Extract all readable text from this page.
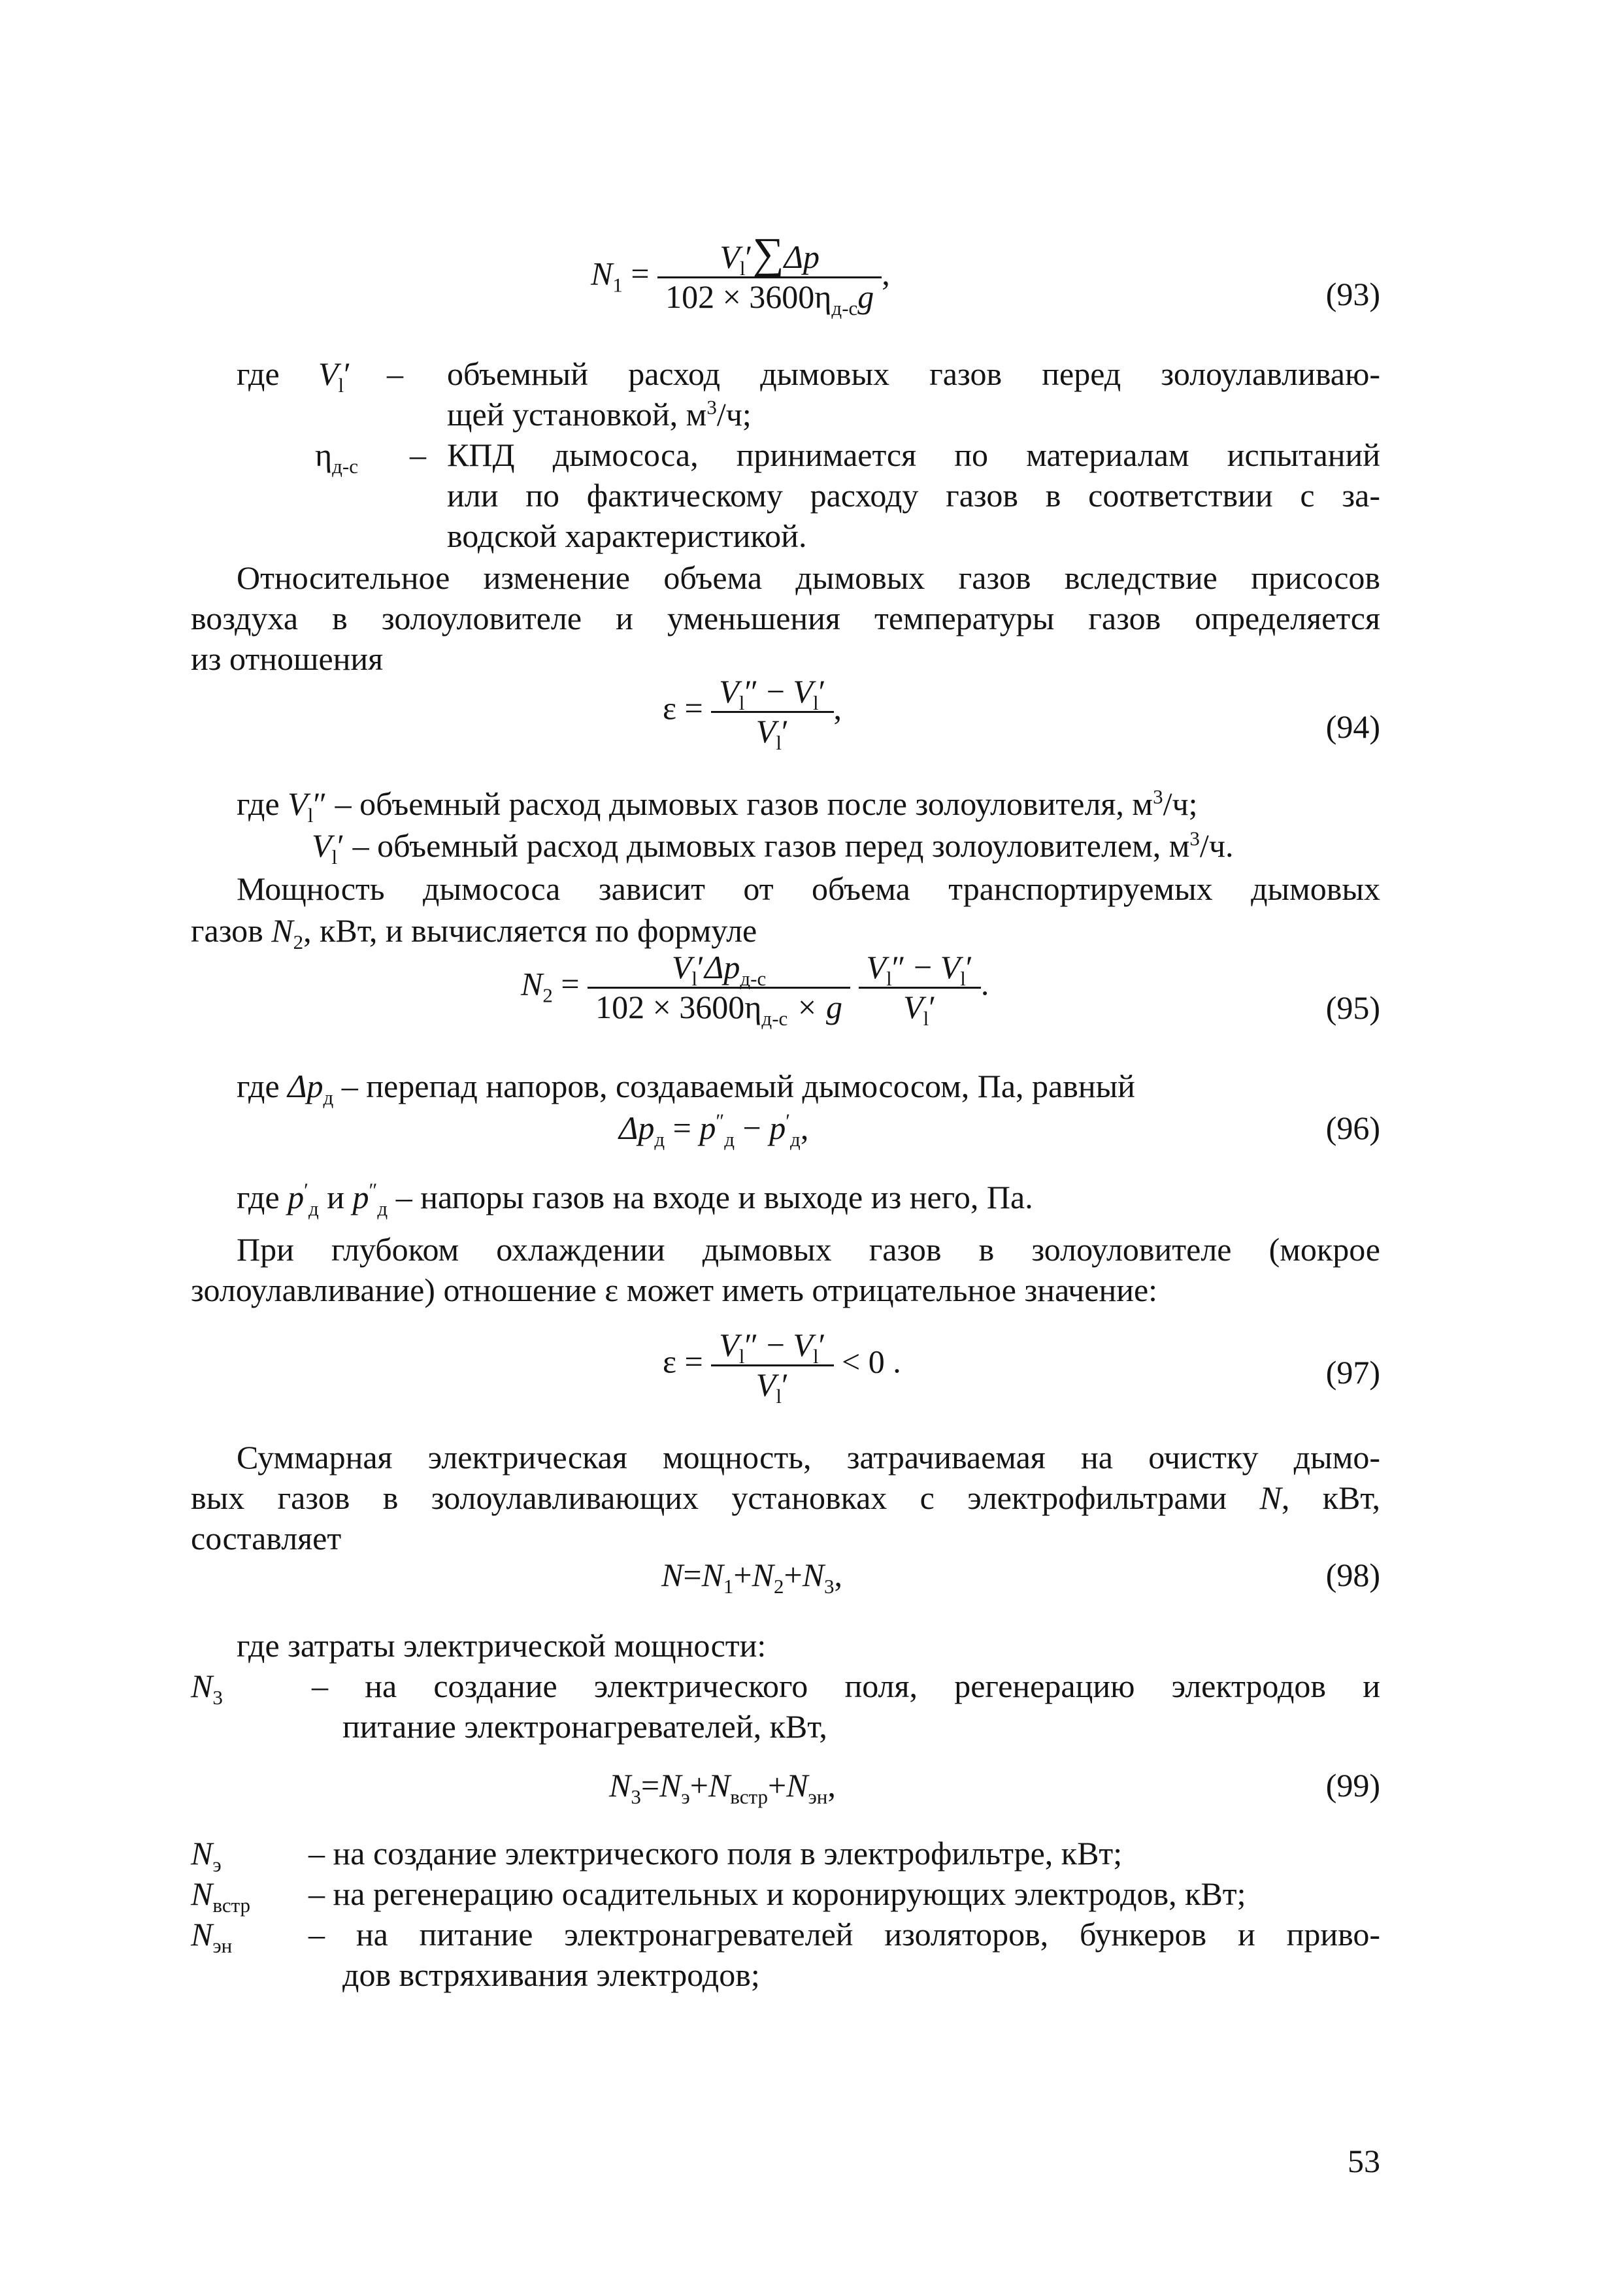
$N_1 = \frac{V_l'\sum\Delta p}{102 \times 3600\eta_{д-с}g}$ ,
(93)
где $V_l'$ – объемный расход дымовых газов перед золоулавливаю-
щей установкой, $м^3/ч$;
$\eta_{д-с}$ – КПД дымососа, принимается по материалам испытаний
или по фактическому расходу газов в соответствии с за-
водской характеристикой.
Относительное изменение объема дымовых газов вследствие присосов
воздуха в золоуловителе и уменьшения температуры газов определяется
из отношения
$\varepsilon = \frac{V_l'' - V_l'}{V_l'}$ ,
(94)
где $V_l''$ – объемный расход дымовых газов после золоуловителя, $м^3/ч$;
$V_l'$ – объемный расход дымовых газов перед золоуловителем, $м^3/ч$.
Мощность дымососа зависит от объема транспортируемых дымовых
газов $N_2$, кВт, и вычисляется по формуле
$N_2 = \frac{V_l'\Delta p_{д-с}}{102 \times 3600\eta_{д-с} \times g}$
$\frac{V_l'' - V_l'}{V_l'}$ .
(95)
где $\Delta p_д$ – перепад напоров, создаваемый дымососом, Па, равный
$\Delta p_д = p''_д - p'_д$,	(96)
где $p'_д$ и $p''_д$ – напоры газов на входе и выходе из него, Па.
При глубоком охлаждении дымовых газов в золоуловителе (мокрое
золоулавливание) отношение ε может иметь отрицательное значение:
$\varepsilon = \frac{V_l'' - V_l'}{V_l'} < 0$ .	(97)
Суммарная электрическая мощность, затрачиваемая на очистку дымо-
вых газов в золоулавливающих установках с электрофильтрами N, кВт,
составляет
$N=N_1+N_2+N_3$,	(98)
где затраты электрической мощности:
$N_3$	– на создание электрического поля, регенерацию электродов и
питание электронагревателей, кВт,
$N_3=N_э+N_{встр}+N_{эн}$,	(99)
$N_э$	– на создание электрического поля в электрофильтре, кВт;
$N_{встр}$ – на регенерацию осадительных и коронирующих электродов, кВт;
$N_{эн}$ – на питание электронагревателей изоляторов, бункеров и приво-
дов встряхивания электродов;
53
